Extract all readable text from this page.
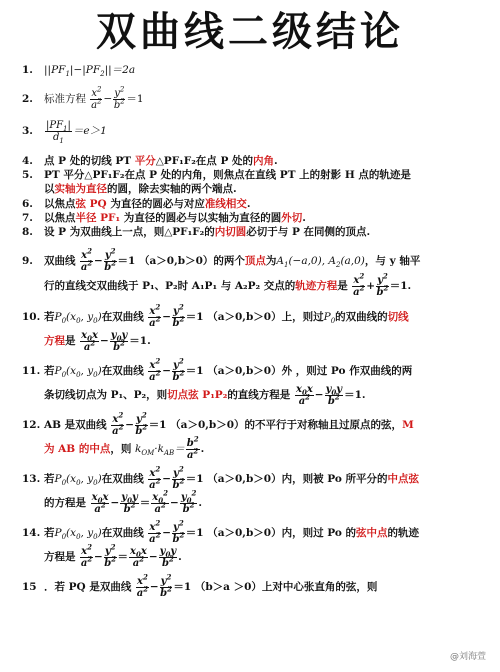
双曲线二级结论
1. $||PF_1|-|PF_2||=2a$
2. 标准方程 $\frac{x^2}{a^2} - \frac{y^2}{b^2} =1$
3. $\frac{|PF_1|}{d_1} =e>1$
4. 点 P 处的切线 PT 平分△PF₁F₂在点 P 处的内角.
5. PT 平分△PF₁F₂在点 P 处的内角，则焦点在直线 PT 上的射影 H 点的轨迹是
以实轴为直径的圆，除去实轴的两个端点.
6. 以焦点弦 PQ 为直径的圆必与对应准线相交.
7. 以焦点半径 PF₁ 为直径的圆必与以实轴为直径的圆外切.
8. 设 P 为双曲线上一点，则△PF₁F₂的内切圆必切于与 P 在同侧的顶点.
9. 双曲线 $\frac{x^2}{a^2} - \frac{y^2}{b^2} =1$ （a＞0,b＞0）的两个顶点为$A_1(-a,0)$, $A_2(a,0)$，与 y 轴平
行的直线交双曲线于 P₁、P₂时 A₁P₁ 与 A₂P₂ 交点的轨迹方程是 $\frac{x^2}{a^2} + \frac{y^2}{b^2} =1$.
10. 若$P_0(x_0$, $y_0$)在双曲线 $\frac{x^2}{a^2} - \frac{y^2}{b^2} =1$ （a＞0,b＞0）上，则过$P_0$的双曲线的切线
方程是 $\frac{x_0x}{a^2} - \frac{y_0y}{b^2} =1$.
11. 若$P_0(x_0$, $y_0$)在双曲线 $\frac{x^2}{a^2} - \frac{y^2}{b^2} =1$ （a＞0,b＞0）外 ，则过 Po 作双曲线的两
条切线切点为 P₁、P₂，则切点弦 P₁P₂的直线方程是 $\frac{x_0x}{a^2} - \frac{y_0y}{b^2} =1$.
12. AB 是双曲线 $\frac{x^2}{a^2} - \frac{y^2}{b^2} =1$ （a＞0,b＞0）的不平行于对称轴且过原点的弦，M
为 AB 的中点，则 $k_{OM}\cdot k_{AB}= \frac{b^2}{a^2}$ .
13. 若$P_0(x_0$, $y_0$)在双曲线 $\frac{x^2}{a^2} - \frac{y^2}{b^2} =1$ （a＞0,b＞0）内，则被 Po 所平分的中点弦
的方程是 $\frac{x_0x}{a^2} - \frac{y_0y}{b^2} = \frac{x_0^2}{a^2} - \frac{y_0^2}{b^2}$ .
14. 若$P_0(x_0$, $y_0$)在双曲线 $\frac{x^2}{a^2} - \frac{y^2}{b^2} =1$ （a＞0,b＞0）内，则过 Po 的弦中点的轨迹
方程是 $\frac{x^2}{a^2} - \frac{y^2}{b^2} = \frac{x_0x}{a^2} - \frac{y_0y}{b^2}$ .
15 ．若 PQ 是双曲线 $\frac{x^2}{a^2} - \frac{y^2}{b^2} =1$ （b＞a ＞0）上对中心张直角的弦，则
@刘海萱
